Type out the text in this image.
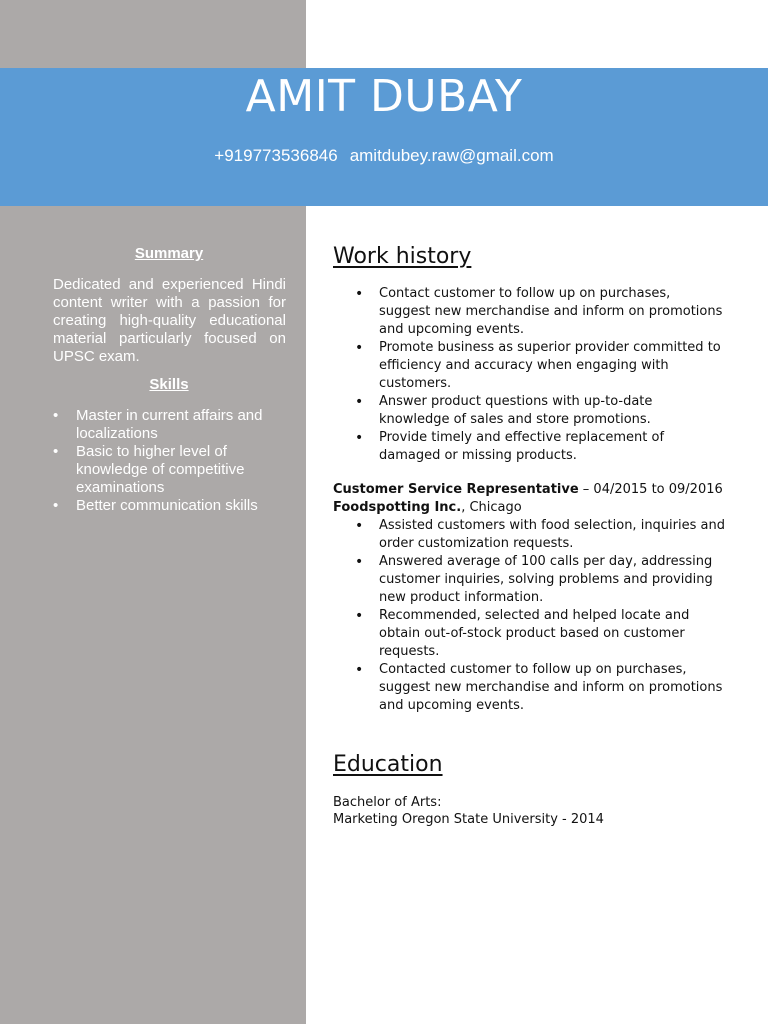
AMIT DUBAY
+919773536846 amitdubey.raw@gmail.com
Summary
Dedicated and experienced Hindi content writer with a passion for creating high-quality educational material particularly focused on UPSC exam.
Skills
• Master in current affairs and localizations
• Basic to higher level of knowledge of competitive examinations
• Better communication skills
Work history
• Contact customer to follow up on purchases, suggest new merchandise and inform on promotions and upcoming events.
• Promote business as superior provider committed to efficiency and accuracy when engaging with customers.
• Answer product questions with up-to-date knowledge of sales and store promotions.
• Provide timely and effective replacement of damaged or missing products.
Customer Service Representative – 04/2015 to 09/2016
Foodspotting Inc., Chicago
• Assisted customers with food selection, inquiries and order customization requests.
• Answered average of 100 calls per day, addressing customer inquiries, solving problems and providing new product information.
• Recommended, selected and helped locate and obtain out-of-stock product based on customer requests.
• Contacted customer to follow up on purchases, suggest new merchandise and inform on promotions and upcoming events.
Education
Bachelor of Arts:
Marketing Oregon State University - 2014
